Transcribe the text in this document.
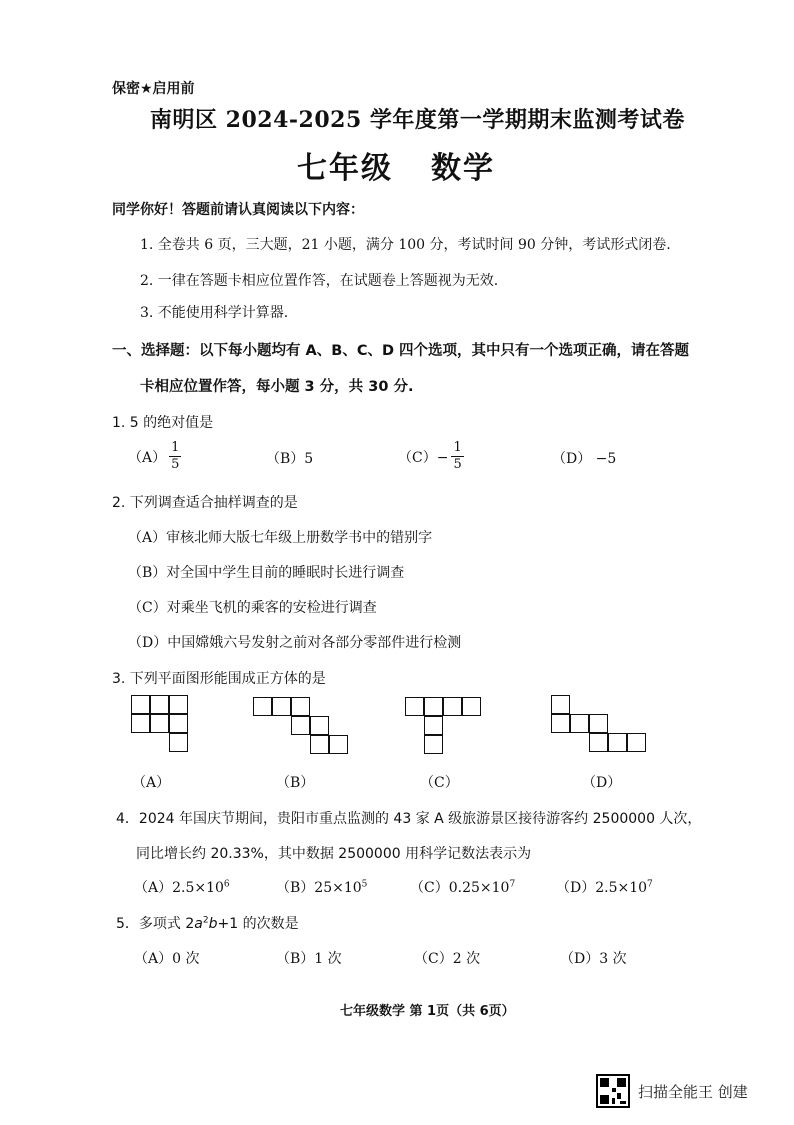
保密★启用前
南明区 2024-2025 学年度第一学期期末监测考试卷
七年级 数学
同学你好！答题前请认真阅读以下内容：
1. 全卷共 6 页，三大题，21 小题，满分 100 分，考试时间 90 分钟，考试形式闭卷.
2. 一律在答题卡相应位置作答，在试题卷上答题视为无效.
3. 不能使用科学计算器.
一、选择题：以下每小题均有 A、B、C、D 四个选项，其中只有一个选项正确，请在答题
卡相应位置作答，每小题 3 分，共 30 分.
1. 5 的绝对值是
$(A) \frac{1}{5}$	（B）5	$(C)- \frac{1}{5}$	（D） −5
2. 下列调查适合抽样调查的是
（A）审核北师大版七年级上册数学书中的错别字
（B）对全国中学生目前的睡眠时长进行调查
（C）对乘坐飞机的乘客的安检进行调查
（D）中国嫦娥六号发射之前对各部分零部件进行检测
3. 下列平面图形能围成正方体的是
（A）	（B）	（C）	（D）
4．2024 年国庆节期间，贵阳市重点监测的 43 家 A 级旅游景区接待游客约 2500000 人次，
同比增长约 20.33%，其中数据 2500000 用科学记数法表示为
$(A)2.5\times 10^6$	$(B)25\times 10^5$	$(C)0.25\times 10^7$	$(D)2.5\times 10^7$
5．多项式 $2a^2b+1$ 的次数是
（A）0 次	（B）1 次	（C）2 次	（D）3 次
七年级数学 第 1页（共 6页）
扫描全能王 创建
